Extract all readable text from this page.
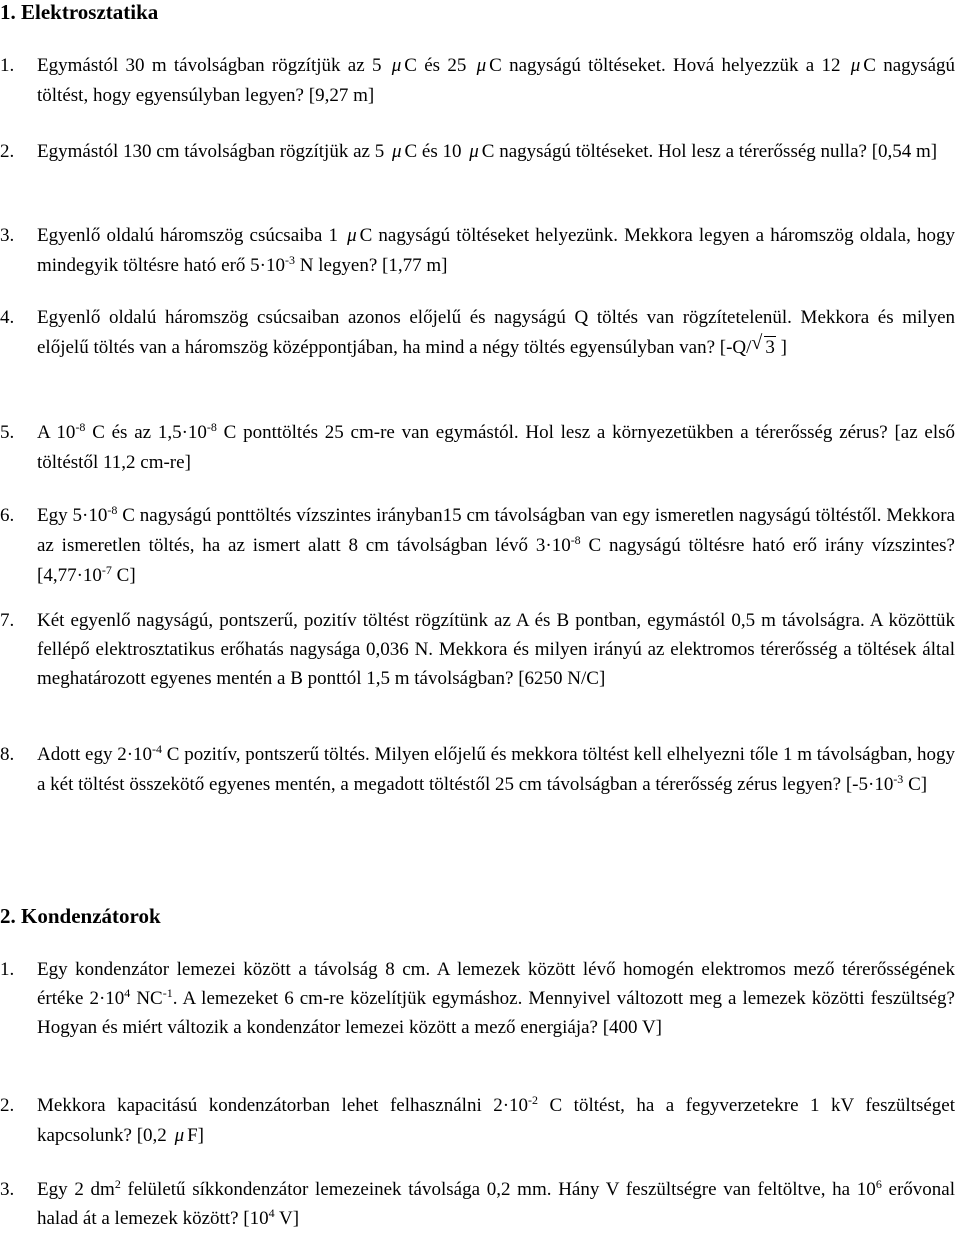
1. Elektrosztatika
1. Egymástól 30 m távolságban rögzítjük az 5 μ C és 25 μ C nagyságú töltéseket. Hová helyezzük a 12 μ C nagyságú töltést, hogy egyensúlyban legyen? [9,27 m]
2. Egymástól 130 cm távolságban rögzítjük az 5 μ C és 10 μ C nagyságú töltéseket. Hol lesz a térerősség nulla? [0,54 m]
3. Egyenlő oldalú háromszög csúcsaiba 1 μ C nagyságú töltéseket helyezünk. Mekkora legyen a háromszög oldala, hogy mindegyik töltésre ható erő $5\cdot 10^{-3}$ N legyen? [1,77 m]
4. Egyenlő oldalú háromszög csúcsaiban azonos előjelű és nagyságú Q töltés van rögzítetelenül. Mekkora és milyen előjelű töltés van a háromszög középpontjában, ha mind a négy töltés egyensúlyban van? [-Q/ √ 3 ]
5. A $10^{-8}$ C és az $1,5\cdot 10^{-8}$ C ponttöltés 25 cm-re van egymástól. Hol lesz a környezetükben a térerősség zérus? [az első töltéstől 11,2 cm-re]
6. Egy $5\cdot 10^{-8}$ C nagyságú ponttöltés vízszintes irányban15 cm távolságban van egy ismeretlen nagyságú töltéstől. Mekkora az ismeretlen töltés, ha az ismert alatt 8 cm távolságban lévő $3\cdot 10^{-8}$ C nagyságú töltésre ható erő irány vízszintes? [$4,77\cdot 10^{-7}$ C]
7. Két egyenlő nagyságú, pontszerű, pozitív töltést rögzítünk az A és B pontban, egymástól 0,5 m távolságra. A közöttük fellépő elektrosztatikus erőhatás nagysága 0,036 N. Mekkora és milyen irányú az elektromos térerősség a töltések által meghatározott egyenes mentén a B ponttól 1,5 m távolságban? [6250 N/C]
8. Adott egy $2\cdot 10^{-4}$ C pozitív, pontszerű töltés. Milyen előjelű és mekkora töltést kell elhelyezni tőle 1 m távolságban, hogy a két töltést összekötő egyenes mentén, a megadott töltéstől 25 cm távolságban a térerősség zérus legyen? [$-5\cdot 10^{-3}$ C]
2. Kondenzátorok
1. Egy kondenzátor lemezei között a távolság 8 cm. A lemezek között lévő homogén elektromos mező térerősségének értéke $2\cdot 10^4$ $NC^{-1}$. A lemezeket 6 cm-re közelítjük egymáshoz. Mennyivel változott meg a lemezek közötti feszültség? Hogyan és miért változik a kondenzátor lemezei között a mező energiája? [400 V]
2. Mekkora kapacitású kondenzátorban lehet felhasználni $2\cdot 10^{-2}$ C töltést, ha a fegyverzetekre 1 kV feszültséget kapcsolunk? [0,2 μ F]
3. Egy 2 $dm^2$ felületű síkkondenzátor lemezeinek távolsága 0,2 mm. Hány V feszültségre van feltöltve, ha $10^6$ erővonal halad át a lemezek között? [$10^4$ V]
